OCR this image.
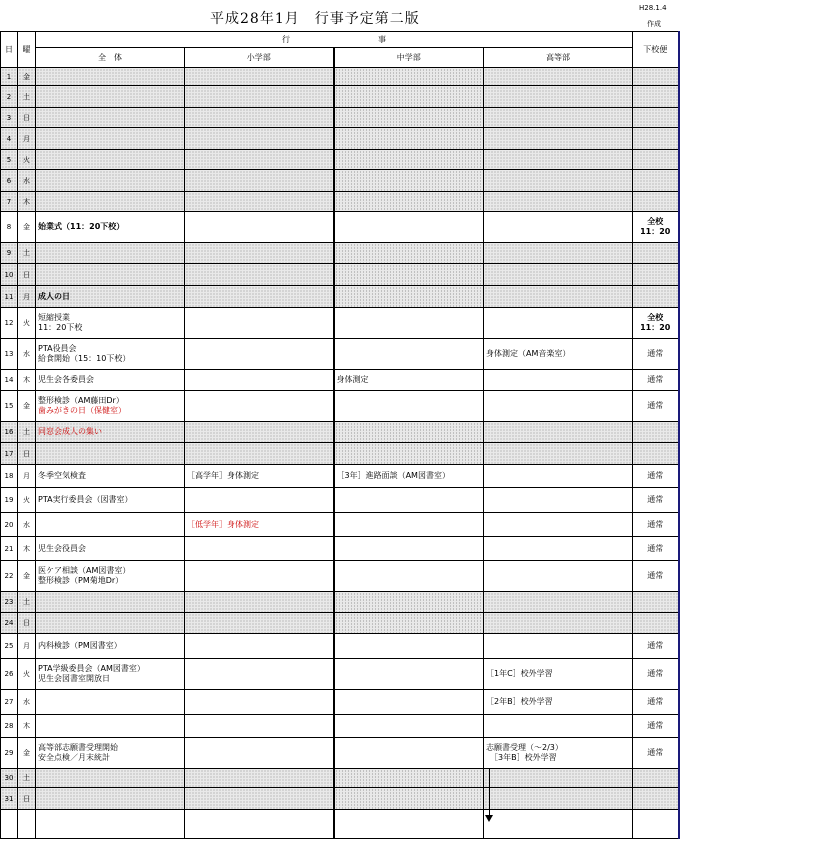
平成28年1月　行事予定第二版
H28.1.4
作成
日	曜	行　　　　　　　　　　　事				下校便
		全　体	小学部	中学部	高等部	
1	金	

2	土	

3	日	

4	月	

5	火	

6	水	

7	木	

8	金	始業式（11：20下校）				全校
11：20

9	土	

10	日	

11	月	成人の日				

12	火	短縮授業
11：20下校				全校
11：20

13	水	PTA役員会
給食開始（15：10下校）			身体測定（AM音楽室）	通常

14	木	児生会各委員会		身体測定		通常

15	金	整形検診（AM藤田Dr）
歯みがきの日（保健室）				通常

16	土	同窓会成人の集い				

17	日	

18	月	冬季空気検査	［高学年］身体測定	［3年］進路面談（AM図書室）		通常

19	火	PTA実行委員会（図書室）				通常

20	水		［低学年］身体測定			通常

21	木	児生会役員会				通常

22	金	医ケア相談（AM図書室）
整形検診（PM菊地Dr）				通常

23	土	

24	日	

25	月	内科検診（PM図書室）				通常

26	火	PTA学級委員会（AM図書室）
児生会図書室開放日			［1年C］校外学習	通常

27	水				［2年B］校外学習	通常

28	木					通常

29	金	高等部志願書受理開始
安全点検／月末統計			志願書受理（～2/3）
　［3年B］校外学習	通常

30	土	

31	日	
